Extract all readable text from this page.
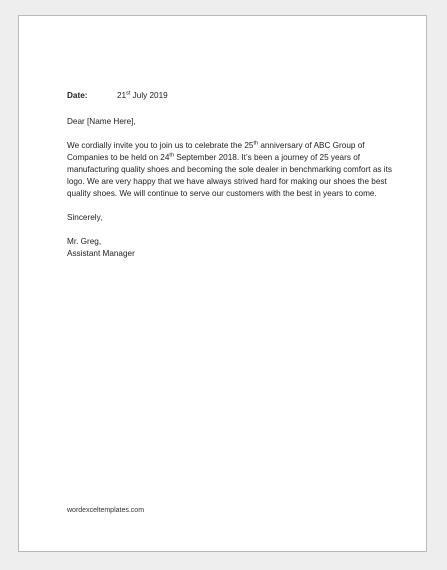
Date:	21st July 2019

Dear [Name Here],

We cordially invite you to join us to celebrate the 25th anniversary of ABC Group of Companies to be held on 24th September 2018. It’s been a journey of 25 years of manufacturing quality shoes and becoming the sole dealer in benchmarking comfort as its logo. We are very happy that we have always strived hard for making our shoes the best quality shoes. We will continue to serve our customers with the best in years to come.

Sincerely,

Mr. Greg,

Assistant Manager

wordexceltemplates.com
